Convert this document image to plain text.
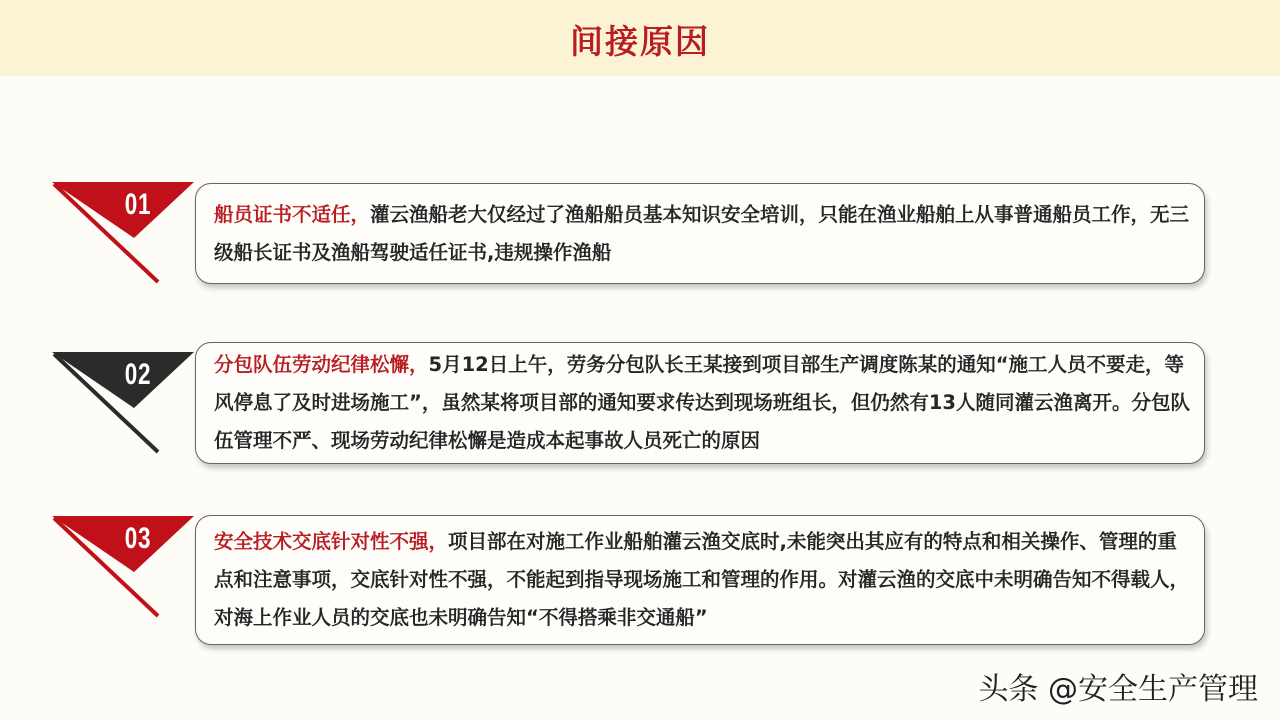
间接原因
01	船员证书不适任，灌云渔船老大仅经过了渔船船员基本知识安全培训，只能在渔业船舶上从事普通船员工作，无三级船长证书及渔船驾驶适任证书,违规操作渔船

02	分包队伍劳动纪律松懈，5月12日上午，劳务分包队长王某接到项目部生产调度陈某的通知“施工人员不要走，等风停息了及时进场施工”，虽然某将项目部的通知要求传达到现场班组长，但仍然有13人随同灌云渔离开。分包队伍管理不严、现场劳动纪律松懈是造成本起事故人员死亡的原因

03	安全技术交底针对性不强，项目部在对施工作业船舶灌云渔交底时,未能突出其应有的特点和相关操作、管理的重点和注意事项，交底针对性不强，不能起到指导现场施工和管理的作用。对灌云渔的交底中未明确告知不得载人，对海上作业人员的交底也未明确告知“不得搭乘非交通船”

头条 @安全生产管理
